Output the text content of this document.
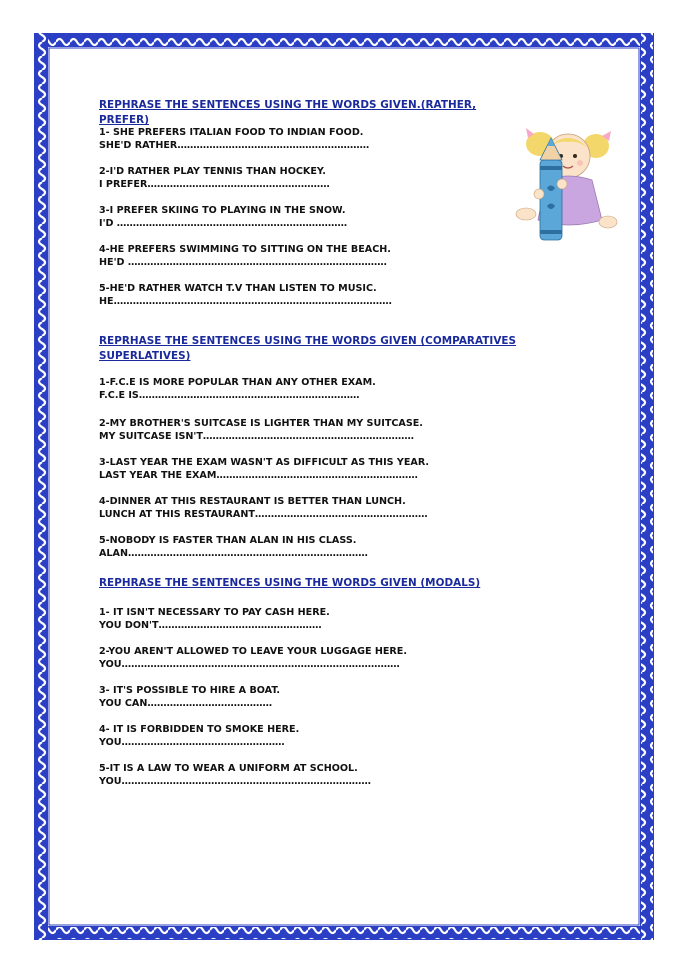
REPHRASE THE SENTENCES USING THE WORDS GIVEN.(RATHER, PREFER)
1- SHE PREFERS ITALIAN FOOD TO INDIAN FOOD.
SHE'D RATHER……………………………………………………
2-I'D RATHER PLAY TENNIS THAN HOCKEY.
I PREFER…………………………………………………
3-I PREFER SKIING TO PLAYING IN THE SNOW.
I'D ………………………………………………………………
4-HE PREFERS SWIMMING TO SITTING ON THE BEACH.
HE'D ………………………………………………………………………
5-HE'D RATHER WATCH T.V THAN LISTEN TO MUSIC.
HE……………………………………………………………………………
REPRHASE THE SENTENCES USING THE WORDS GIVEN (COMPARATIVES SUPERLATIVES)
1-F.C.E IS MORE POPULAR THAN ANY OTHER EXAM.
F.C.E IS……………………………………………………………
2-MY BROTHER'S SUITCASE IS LIGHTER THAN MY SUITCASE.
MY SUITCASE ISN'T…………………………………………………………
3-LAST YEAR THE EXAM WASN'T AS DIFFICULT AS THIS YEAR.
LAST YEAR THE EXAM………………………………………………………
4-DINNER AT THIS RESTAURANT IS BETTER THAN LUNCH.
LUNCH AT THIS RESTAURANT………………………………………………
5-NOBODY IS FASTER THAN ALAN IN HIS CLASS.
ALAN…………………………………………………………………
REPHRASE THE SENTENCES USING THE WORDS GIVEN (MODALS)
1- IT ISN'T NECESSARY TO PAY CASH HERE.
YOU DON'T……………………………………………
2-YOU AREN'T ALLOWED TO LEAVE YOUR LUGGAGE HERE.
YOU……………………………………………………………………………
3- IT'S POSSIBLE TO HIRE A BOAT.
YOU CAN…………………………………
4- IT IS FORBIDDEN TO SMOKE HERE.
YOU……………………………………………
5-IT IS A LAW TO WEAR A UNIFORM AT SCHOOL.
YOU……………………………………………………………………
